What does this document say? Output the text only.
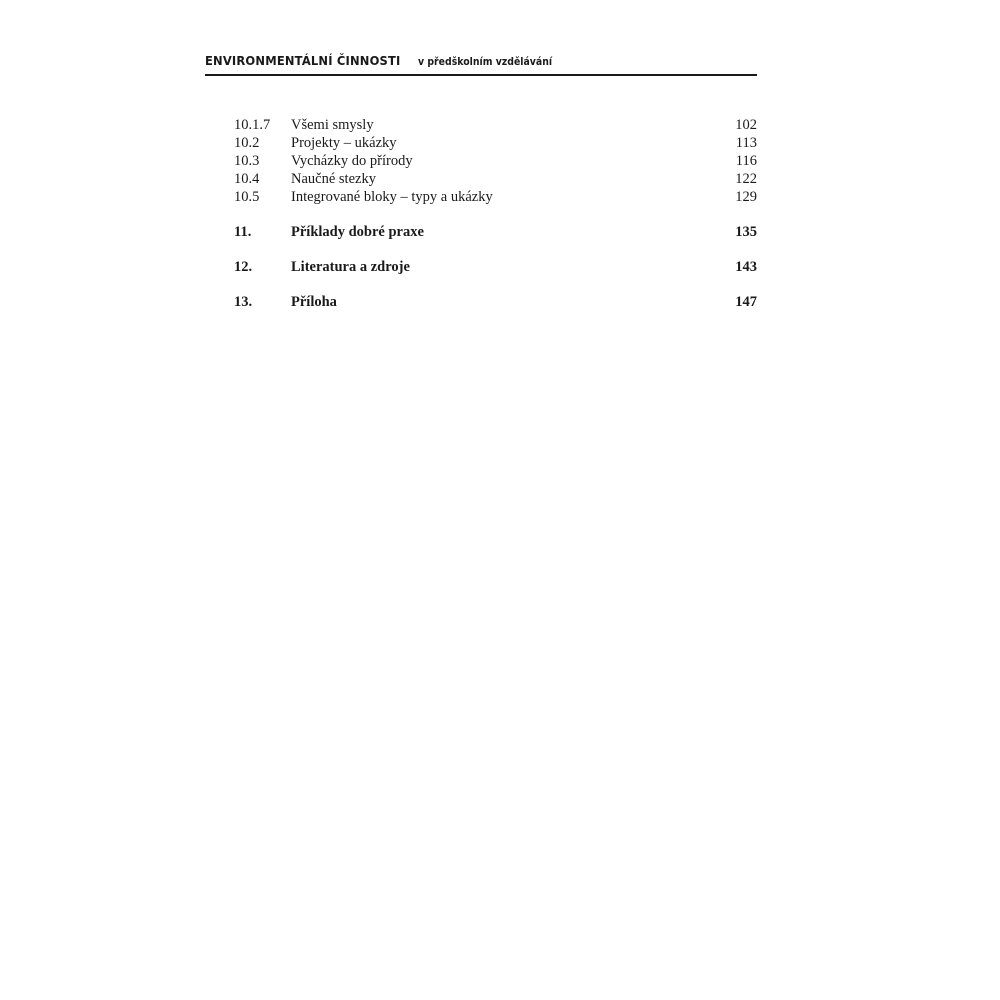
ENVIRONMENTÁLNÍ ČINNOSTI v předškolním vzdělávání
10.1.7 Všemi smysly	102
10.2 Projekty – ukázky	113
10.3 Vycházky do přírody	116
10.4 Naučné stezky	122
10.5 Integrované bloky – typy a ukázky	129
11.	Příklady dobré praxe	135
12.	Literatura a zdroje	143
13.	Příloha	147
